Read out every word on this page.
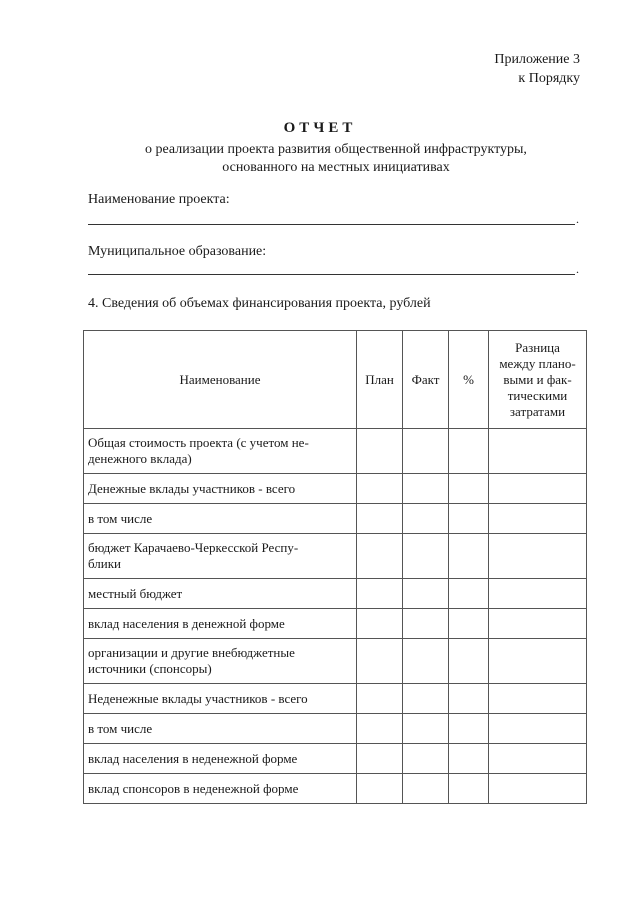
Приложение 3
к Порядку
ОТЧЕТ
о реализации проекта развития общественной инфраструктуры,
основанного на местных инициативах
Наименование проекта:
.
Муниципальное образование:
.
4. Сведения об объемах финансирования проекта, рублей
Наименование	План	Факт	%	Разница
между плано-
выми и фак-
тическими
затратами

Общая стоимость проекта (с учетом не-
денежного вклада)				

Денежные вклады участников - всего				

в том числе				

бюджет Карачаево-Черкесской Респу-
блики				

местный бюджет				

вклад населения в денежной форме				

организации и другие внебюджетные
источники (спонсоры)				

Неденежные вклады участников - всего				

в том числе				

вклад населения в неденежной форме				

вклад спонсоров в неденежной форме				
